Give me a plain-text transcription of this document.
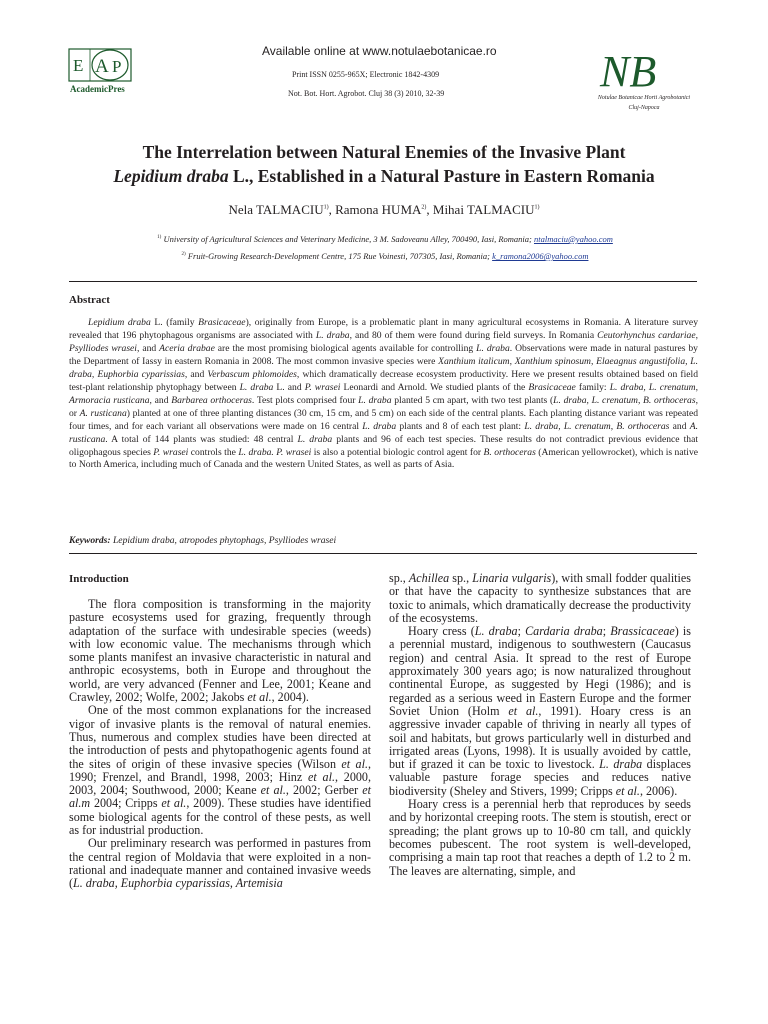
E A P
AcademicPres
Available online at www.notulaebotanicae.ro
Print ISSN 0255-965X; Electronic 1842-4309
Not. Bot. Hort. Agrobot. Cluj 38 (3) 2010, 32-39	NB
Notulae Botanicae Horti Agrobotanici
Cluj-Napoca
The Interrelation between Natural Enemies of the Invasive Plant
Lepidium draba L., Established in a Natural Pasture in Eastern Romania
Nela TALMACIU$^{1)}$, Ramona HUMA$^{2)}$, Mihai TALMACIU$^{1)}$
$^{1)}$ University of Agricultural Sciences and Veterinary Medicine, 3 M. Sadoveanu Alley, 700490, Iasi, Romania; ntalmaciu@yahoo.com
$^{2)}$ Fruit-Growing Research-Development Centre, 175 Rue Voinesti, 707305, Iasi, Romania; k_ramona2006@yahoo.com
Abstract

Lepidium draba L. (family Brasicaceae), originally from Europe, is a problematic plant in many agricultural ecosystems in Romania. A literature survey revealed that 196 phytophagous organisms are associated with L. draba, and 80 of them were found during field surveys. In Romania Ceutorhynchus cardariae, Psylliodes wrasei, and Aceria drabae are the most promising biological agents available for controlling L. draba. Observations were made in natural pastures by the Department of Iassy in eastern Romania in 2008. The most common invasive species were Xanthium italicum, Xanthium spinosum, Elaeagnus angustifolia, L. draba, Euphorbia cyparissias, and Verbascum phlomoides, which dramatically decrease ecosystem productivity. Here we present results obtained based on field test-plant relationship phytophagy between L. draba L. and P. wrasei Leonardi and Arnold. We studied plants of the Brasicaceae family: L. draba, L. crenatum, Armoracia rusticana, and Barbarea orthoceras. Test plots comprised four L. draba planted 5 cm apart, with two test plants (L. draba, L. crenatum, B. orthoceras, or A. rusticana) planted at one of three planting distances (30 cm, 15 cm, and 5 cm) on each side of the central plants. Each planting distance variant was repeated four times, and for each variant all observations were made on 16 central L. draba plants and 8 of each test plant: L. draba, L. crenatum, B. orthoceras and A. rusticana. A total of 144 plants was studied: 48 central L. draba plants and 96 of each test species. These results do not contradict previous evidence that oligophagous species P. wrasei controls the L. draba. P. wrasei is also a potential biologic control agent for B. orthoceras (American yellowrocket), which is native to North America, including much of Canada and the western United States, as well as parts of Asia.

Keywords: Lepidium draba, atropodes phytophags, Psylliodes wrasei
Introduction

The flora composition is transforming in the majority pasture ecosystems used for grazing, frequently through adaptation of the surface with undesirable species (weeds) with low economic value. The mechanisms through which some plants manifest an invasive characteristic in natural and anthropic ecosystems, both in Europe and throughout the world, are very advanced (Fenner and Lee, 2001; Keane and Crawley, 2002; Wolfe, 2002; Jakobs et al., 2004).

One of the most common explanations for the increased vigor of invasive plants is the removal of natural enemies. Thus, numerous and complex studies have been directed at the introduction of pests and phytopathogenic agents found at the sites of origin of these invasive species (Wilson et al., 1990; Frenzel, and Brandl, 1998, 2003; Hinz et al., 2000, 2003, 2004; Southwood, 2000; Keane et al., 2002; Gerber et al.m 2004; Cripps et al., 2009). These studies have identified some biological agents for the control of these pests, as well as for industrial production.

Our preliminary research was performed in pastures from the central region of Moldavia that were exploited in a non-rational and inadequate manner and contained invasive weeds (L. draba, Euphorbia cyparissias, Artemisia

sp., Achillea sp., Linaria vulgaris), with small fodder qualities or that have the capacity to synthesize substances that are toxic to animals, which dramatically decrease the productivity of the ecosystems.

Hoary cress (L. draba; Cardaria draba; Brassicaceae) is a perennial mustard, indigenous to southwestern (Caucasus region) and central Asia. It spread to the rest of Europe approximately 300 years ago; is now naturalized throughout continental Europe, as suggested by Hegi (1986); and is regarded as a serious weed in Eastern Europe and the former Soviet Union (Holm et al., 1991). Hoary cress is an aggressive invader capable of thriving in nearly all types of soil and habitats, but grows particularly well in disturbed and irrigated areas (Lyons, 1998). It is usually avoided by cattle, but if grazed it can be toxic to livestock. L. draba displaces valuable pasture forage species and reduces native biodiversity (Sheley and Stivers, 1999; Cripps et al., 2006).

Hoary cress is a perennial herb that reproduces by seeds and by horizontal creeping roots. The stem is stoutish, erect or spreading; the plant grows up to 10-80 cm tall, and quickly becomes pubescent. The root system is well-developed, comprising a main tap root that reaches a depth of 1.2 to 2 m. The leaves are alternating, simple, and
